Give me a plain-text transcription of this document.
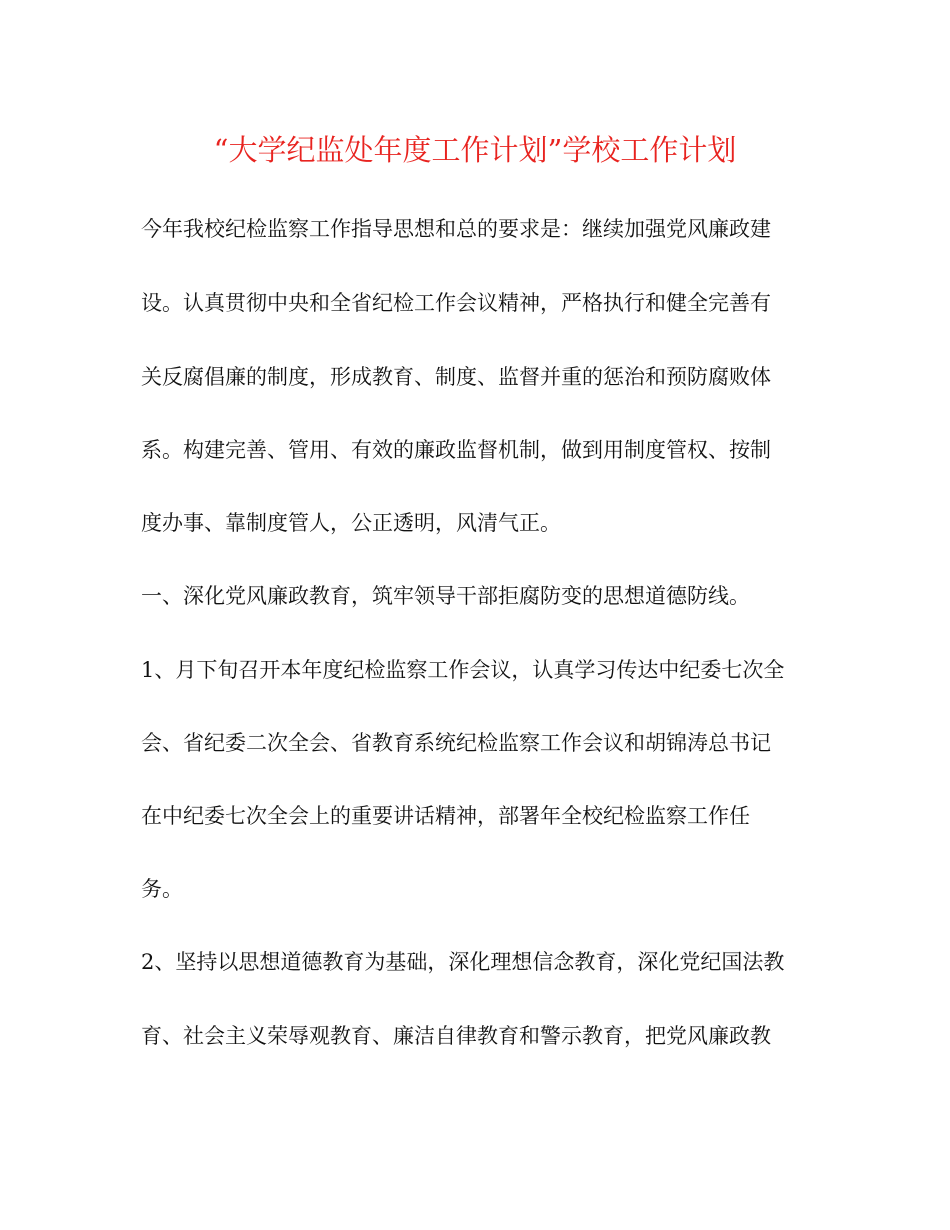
“大学纪监处年度工作计划”学校工作计划
今年我校纪检监察工作指导思想和总的要求是：继续加强党风廉政建
设。认真贯彻中央和全省纪检工作会议精神，严格执行和健全完善有
关反腐倡廉的制度，形成教育、制度、监督并重的惩治和预防腐败体
系。构建完善、管用、有效的廉政监督机制，做到用制度管权、按制
度办事、靠制度管人，公正透明，风清气正。
一、深化党风廉政教育，筑牢领导干部拒腐防变的思想道德防线。
1、月下旬召开本年度纪检监察工作会议，认真学习传达中纪委七次全
会、省纪委二次全会、省教育系统纪检监察工作会议和胡锦涛总书记
在中纪委七次全会上的重要讲话精神，部署年全校纪检监察工作任
务。
2、坚持以思想道德教育为基础，深化理想信念教育，深化党纪国法教
育、社会主义荣辱观教育、廉洁自律教育和警示教育，把党风廉政教
